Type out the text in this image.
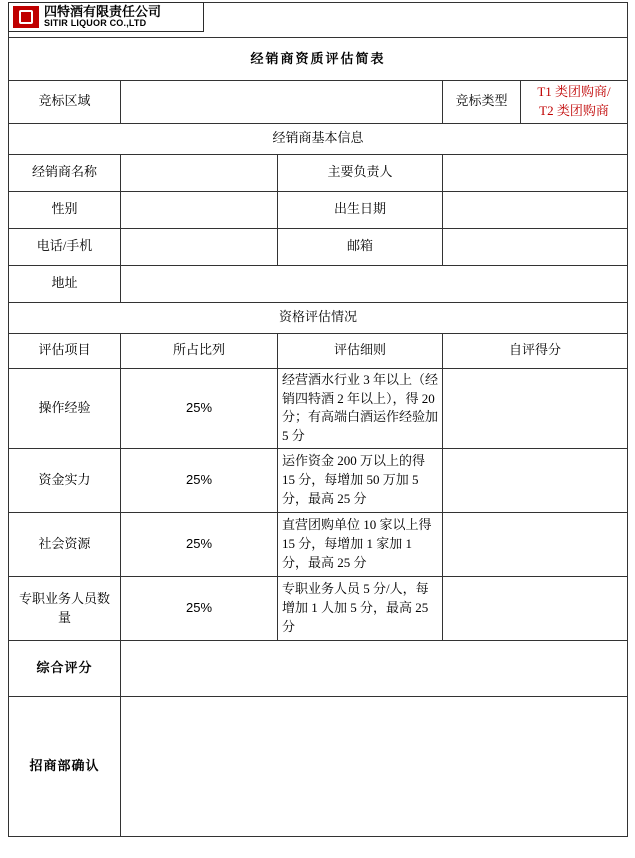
经销商资质评估简表				
竞标区域			竞标类型	T1 类团购商/
T2 类团购商
经销商基本信息				
经销商名称		主要负责人		
性别		出生日期		
电话/手机		邮箱		
地址				
资格评估情况				
评估项目	所占比列	评估细则	自评得分	
操作经验	25%	经营酒水行业 3 年以上（经销四特酒 2 年以上），得 20 分；有高端白酒运作经验加 5 分		
资金实力	25%	运作资金 200 万以上的得 15 分，每增加 50 万加 5 分，最高 25 分		
社会资源	25%	直营团购单位 10 家以上得 15 分，每增加 1 家加 1 分，最高 25 分		
专职业务人员数量	25%	专职业务人员 5 分/人，每增加 1 人加 5 分，最高 25 分		
综合评分				
招商部确认				
四特酒有限责任公司
SITIR LIQUOR CO.,LTD
